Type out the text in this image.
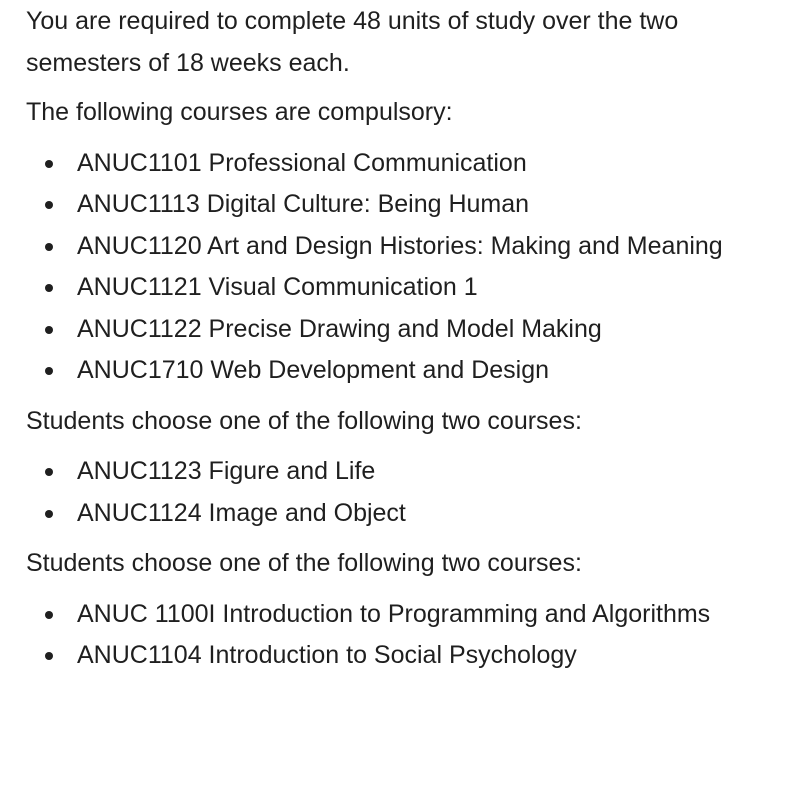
You are required to complete 48 units of study over the two semesters of 18 weeks each.

The following courses are compulsory:

ANUC1101 Professional Communication
ANUC1113 Digital Culture: Being Human
ANUC1120 Art and Design Histories: Making and Meaning
ANUC1121 Visual Communication 1
ANUC1122 Precise Drawing and Model Making
ANUC1710 Web Development and Design

Students choose one of the following two courses:

ANUC1123 Figure and Life
ANUC1124 Image and Object

Students choose one of the following two courses:

ANUC 1100I Introduction to Programming and Algorithms
ANUC1104 Introduction to Social Psychology
